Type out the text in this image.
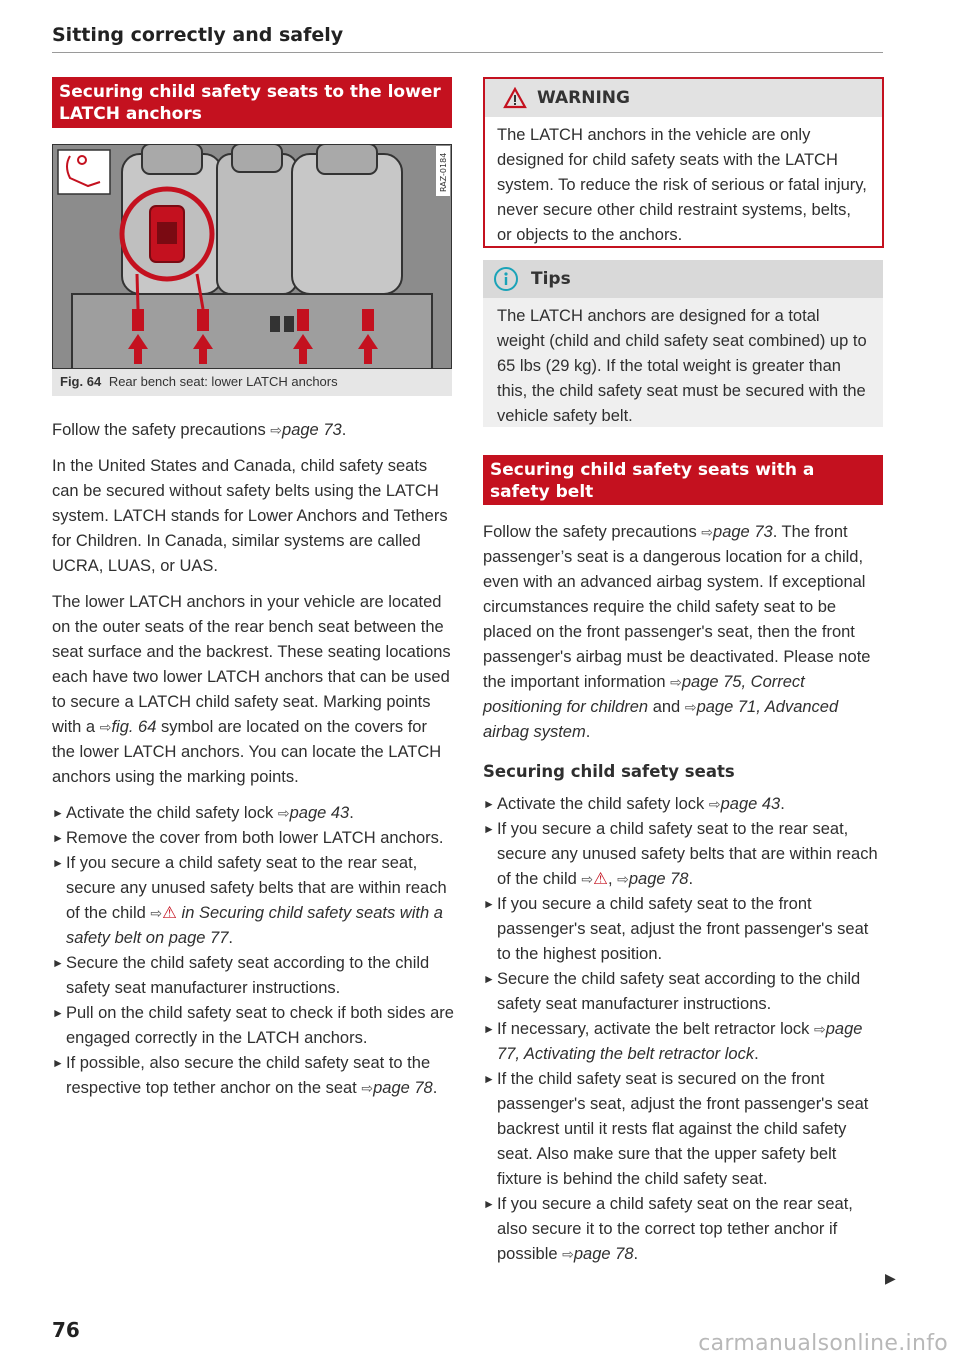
Sitting correctly and safely
Securing child safety seats to the lower LATCH anchors
RAZ-0184
Fig. 64 Rear bench seat: lower LATCH anchors

Follow the safety precautions ⇨page 73.

In the United States and Canada, child safety seats can be secured without safety belts using the LATCH system. LATCH stands for Lower Anchors and Tethers for Children. In Canada, similar systems are called UCRA, LUAS, or UAS.

The lower LATCH anchors in your vehicle are located on the outer seats of the rear bench seat between the seat surface and the backrest. These seating locations each have two lower LATCH anchors that can be used to secure a LATCH child safety seat. Marking points with a ⇨fig. 64 symbol are located on the covers for the lower LATCH anchors. You can locate the LATCH anchors using the marking points.

► Activate the child safety lock ⇨page 43.
► Remove the cover from both lower LATCH anchors.
► If you secure a child safety seat to the rear seat, secure any unused safety belts that are within reach of the child ⇨⚠ in Securing child safety seats with a safety belt on page 77.
► Secure the child safety seat according to the child safety seat manufacturer instructions.
► Pull on the child safety seat to check if both sides are engaged correctly in the LATCH anchors.
► If possible, also secure the child safety seat to the respective top tether anchor on the seat ⇨page 78.
WARNING
The LATCH anchors in the vehicle are only designed for child safety seats with the LATCH system. To reduce the risk of serious or fatal injury, never secure other child restraint systems, belts, or objects to the anchors.
Tips
The LATCH anchors are designed for a total weight (child and child safety seat combined) up to 65 lbs (29 kg). If the total weight is greater than this, the child safety seat must be secured with the vehicle safety belt.
Securing child safety seats with a safety belt

Follow the safety precautions ⇨page 73. The front passenger’s seat is a dangerous location for a child, even with an advanced airbag system. If exceptional circumstances require the child safety seat to be placed on the front passenger's seat, then the front passenger's airbag must be deactivated. Please note the important information ⇨page 75, Correct positioning for children and ⇨page 71, Advanced airbag system.

Securing child safety seats

► Activate the child safety lock ⇨page 43.
► If you secure a child safety seat to the rear seat, secure any unused safety belts that are within reach of the child ⇨⚠, ⇨page 78.
► If you secure a child safety seat to the front passenger's seat, adjust the front passenger's seat to the highest position.
► Secure the child safety seat according to the child safety seat manufacturer instructions.
► If necessary, activate the belt retractor lock ⇨page 77, Activating the belt retractor lock.
► If the child safety seat is secured on the front passenger's seat, adjust the front passenger's seat backrest until it rests flat against the child safety seat. Also make sure that the upper safety belt fixture is behind the child safety seat.
► If you secure a child safety seat on the rear seat, also secure it to the correct top tether anchor if possible ⇨page 78.
▶
76
carmanualsonline.info
